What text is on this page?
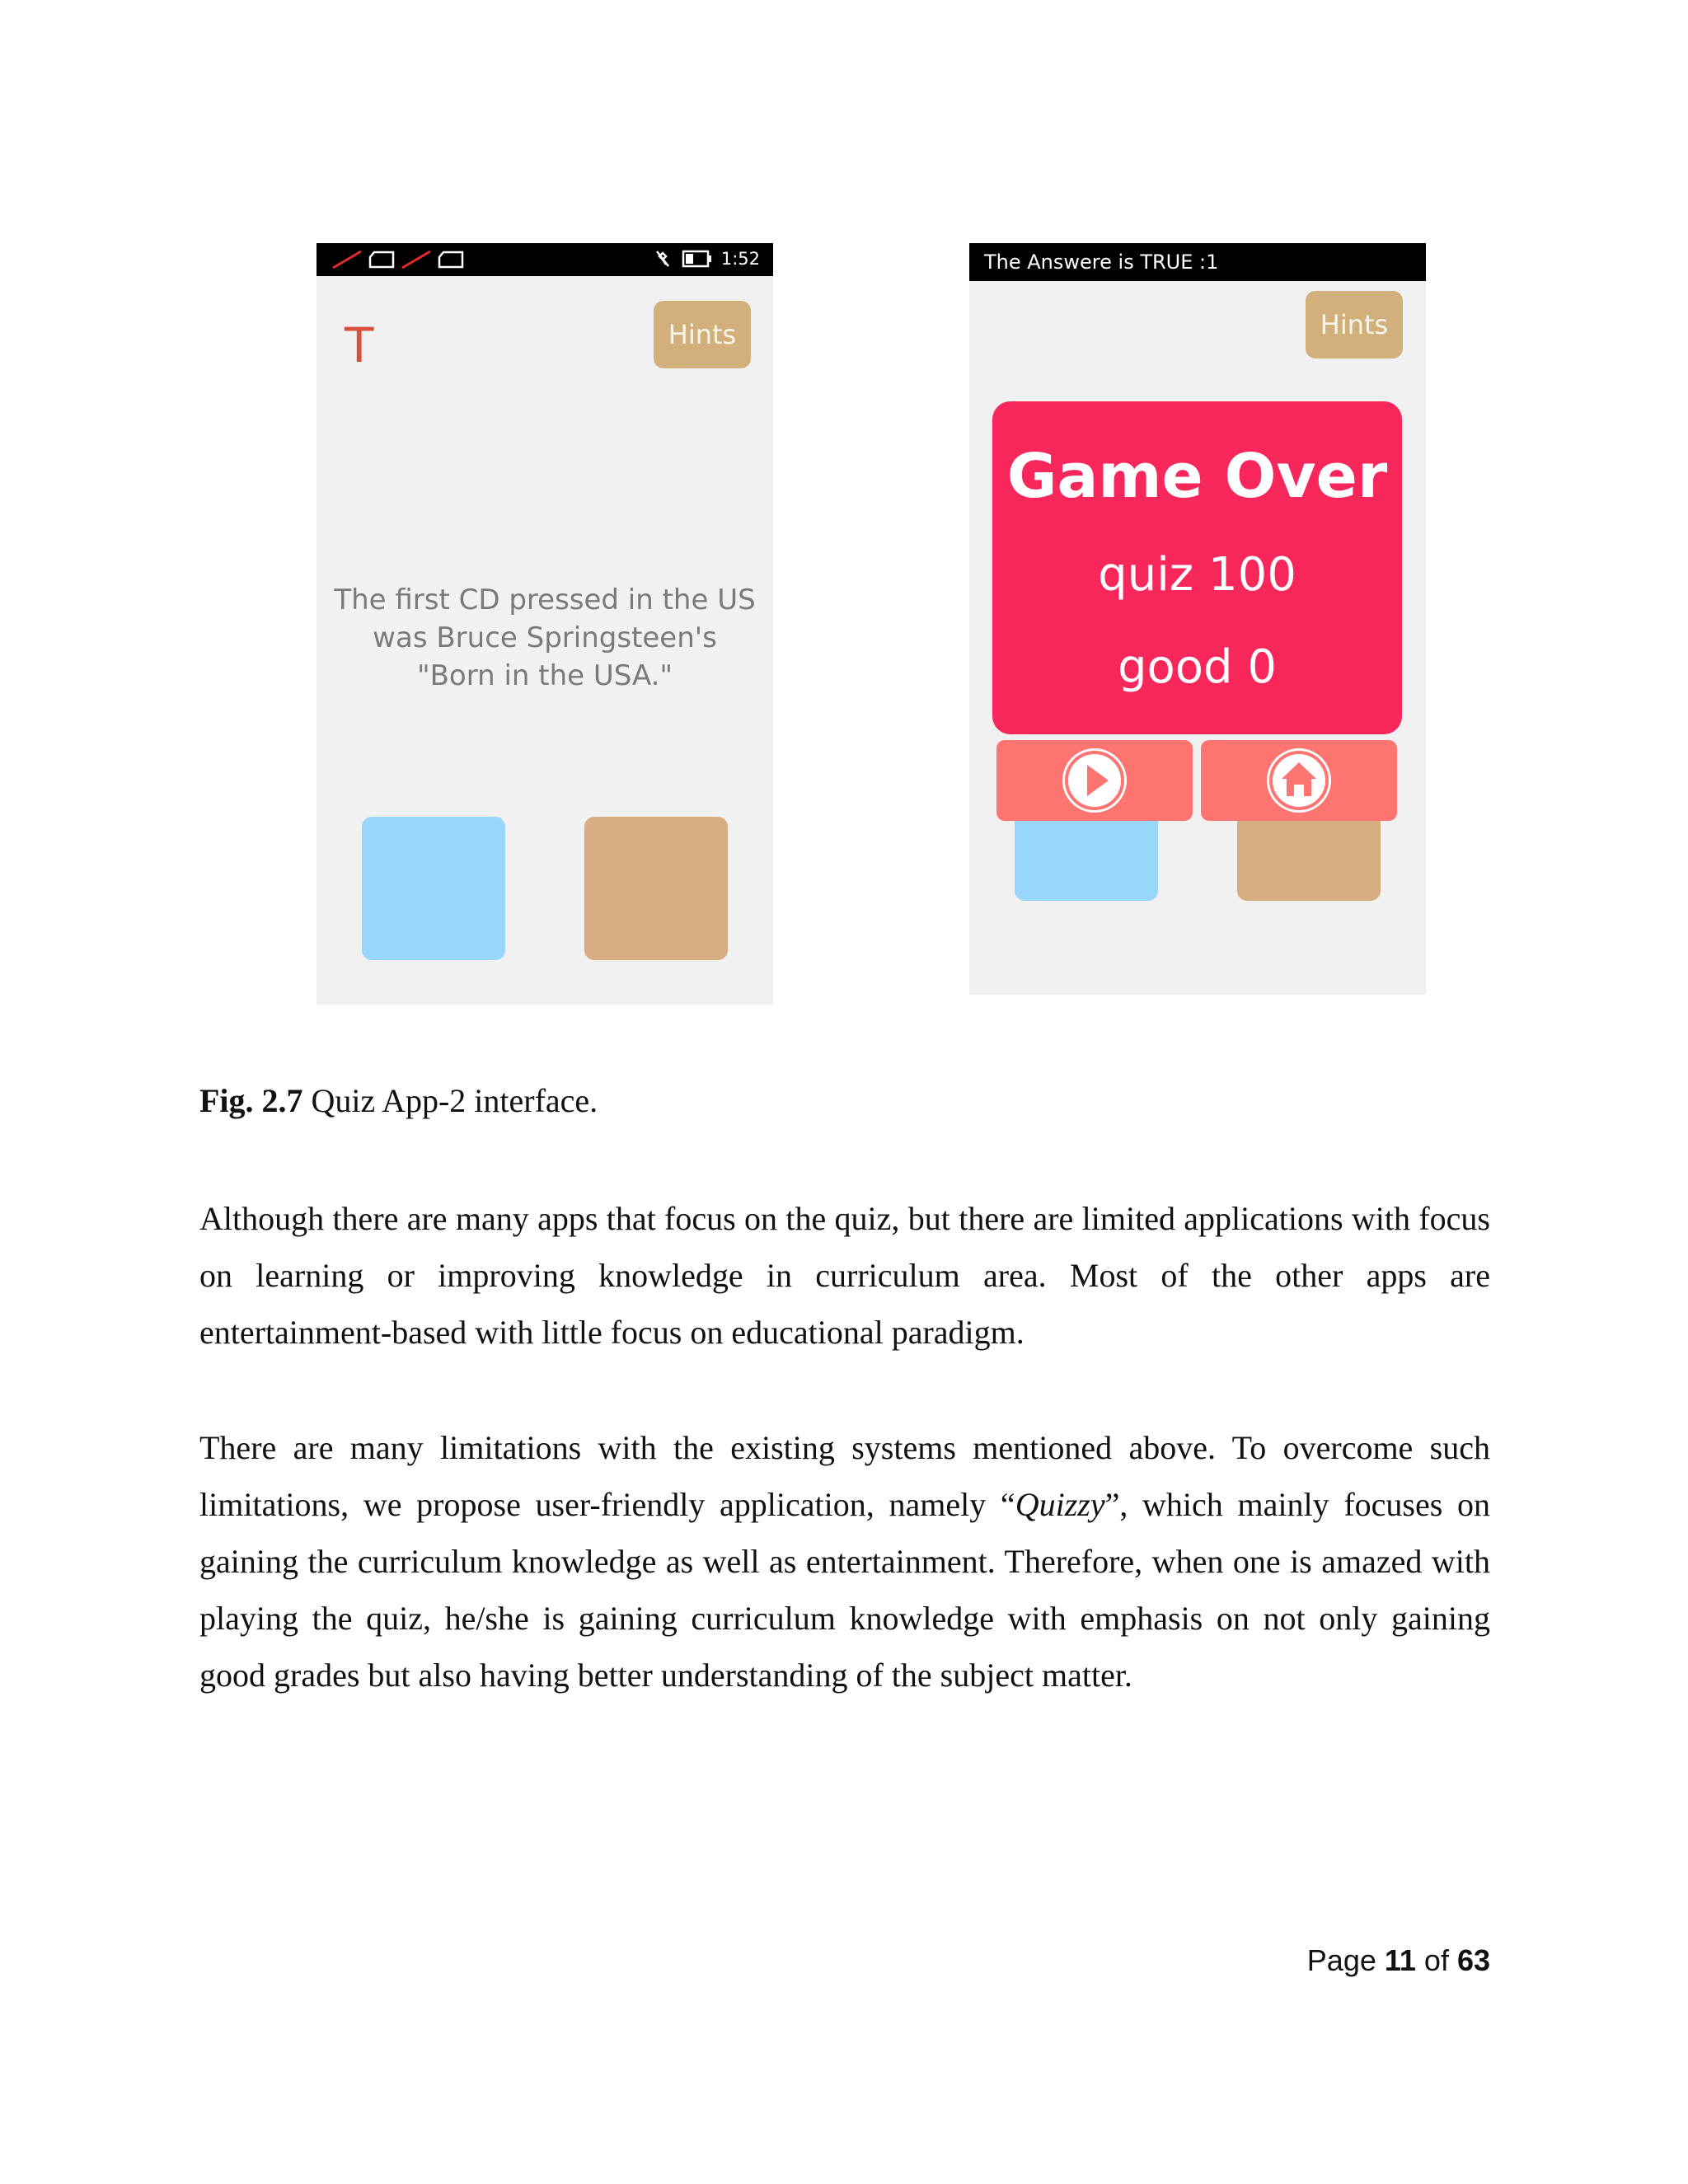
1:52
T	Hints
The first CD pressed in the US was Bruce Springsteen's "Born in the USA."
The Answere is TRUE :1
Hints
Game Over
quiz 100
good 0
Fig. 2.7 Quiz App-2 interface.
Although there are many apps that focus on the quiz, but there are limited applications with focus on learning or improving knowledge in curriculum area. Most of the other apps are entertainment-based with little focus on educational paradigm.
There are many limitations with the existing systems mentioned above. To overcome such limitations, we propose user-friendly application, namely “Quizzy”, which mainly focuses on gaining the curriculum knowledge as well as entertainment. Therefore, when one is amazed with playing the quiz, he/she is gaining curriculum knowledge with emphasis on not only gaining good grades but also having better understanding of the subject matter.
Page 11 of 63
